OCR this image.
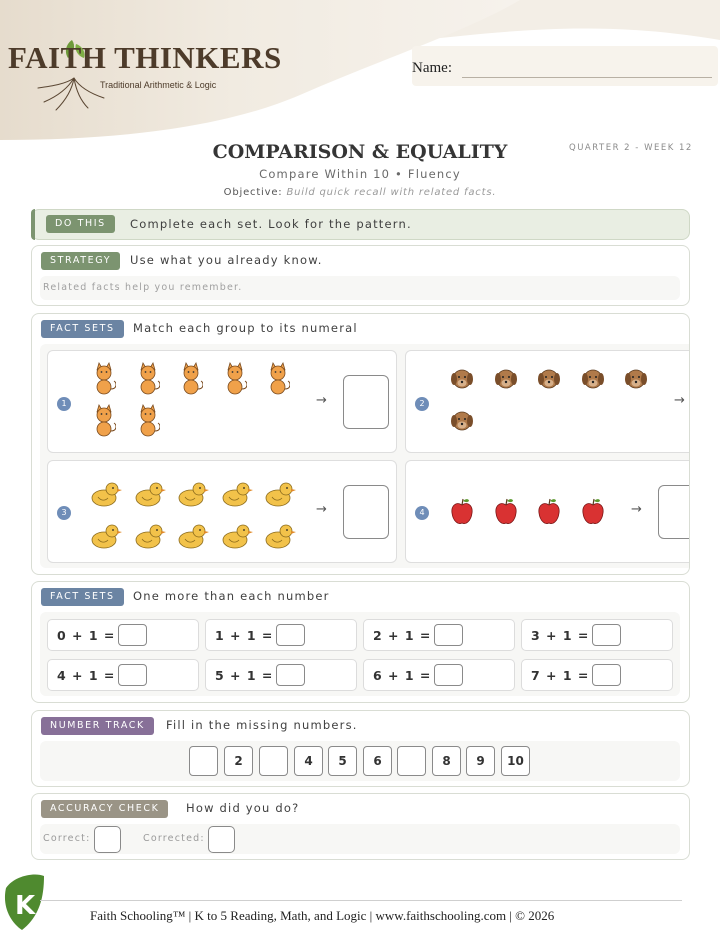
FAITH THINKERS
Traditional Arithmetic & Logic
Name:
COMPARISON & EQUALITY	QUARTER 2 - WEEK 12
Compare Within 10 • Fluency
Objective: Build quick recall with related facts.
DO THIS	Complete each set. Look for the pattern.
STRATEGY	Use what you already know.
Related facts help you remember.
FACT SETS	Match each group to its numeral
1	→	2	→
3	→	4	→
FACT SETS	One more than each number
0 + 1 =	1 + 1 =	2 + 1 =	3 + 1 =
4 + 1 =	5 + 1 =	6 + 1 =	7 + 1 =
NUMBER TRACK	Fill in the missing numbers.
2	4	5	6	8	9	10
ACCURACY CHECK	How did you do?
Correct:	Corrected:
K	Faith Schooling™ | K to 5 Reading, Math, and Logic | www.faithschooling.com | © 2026
